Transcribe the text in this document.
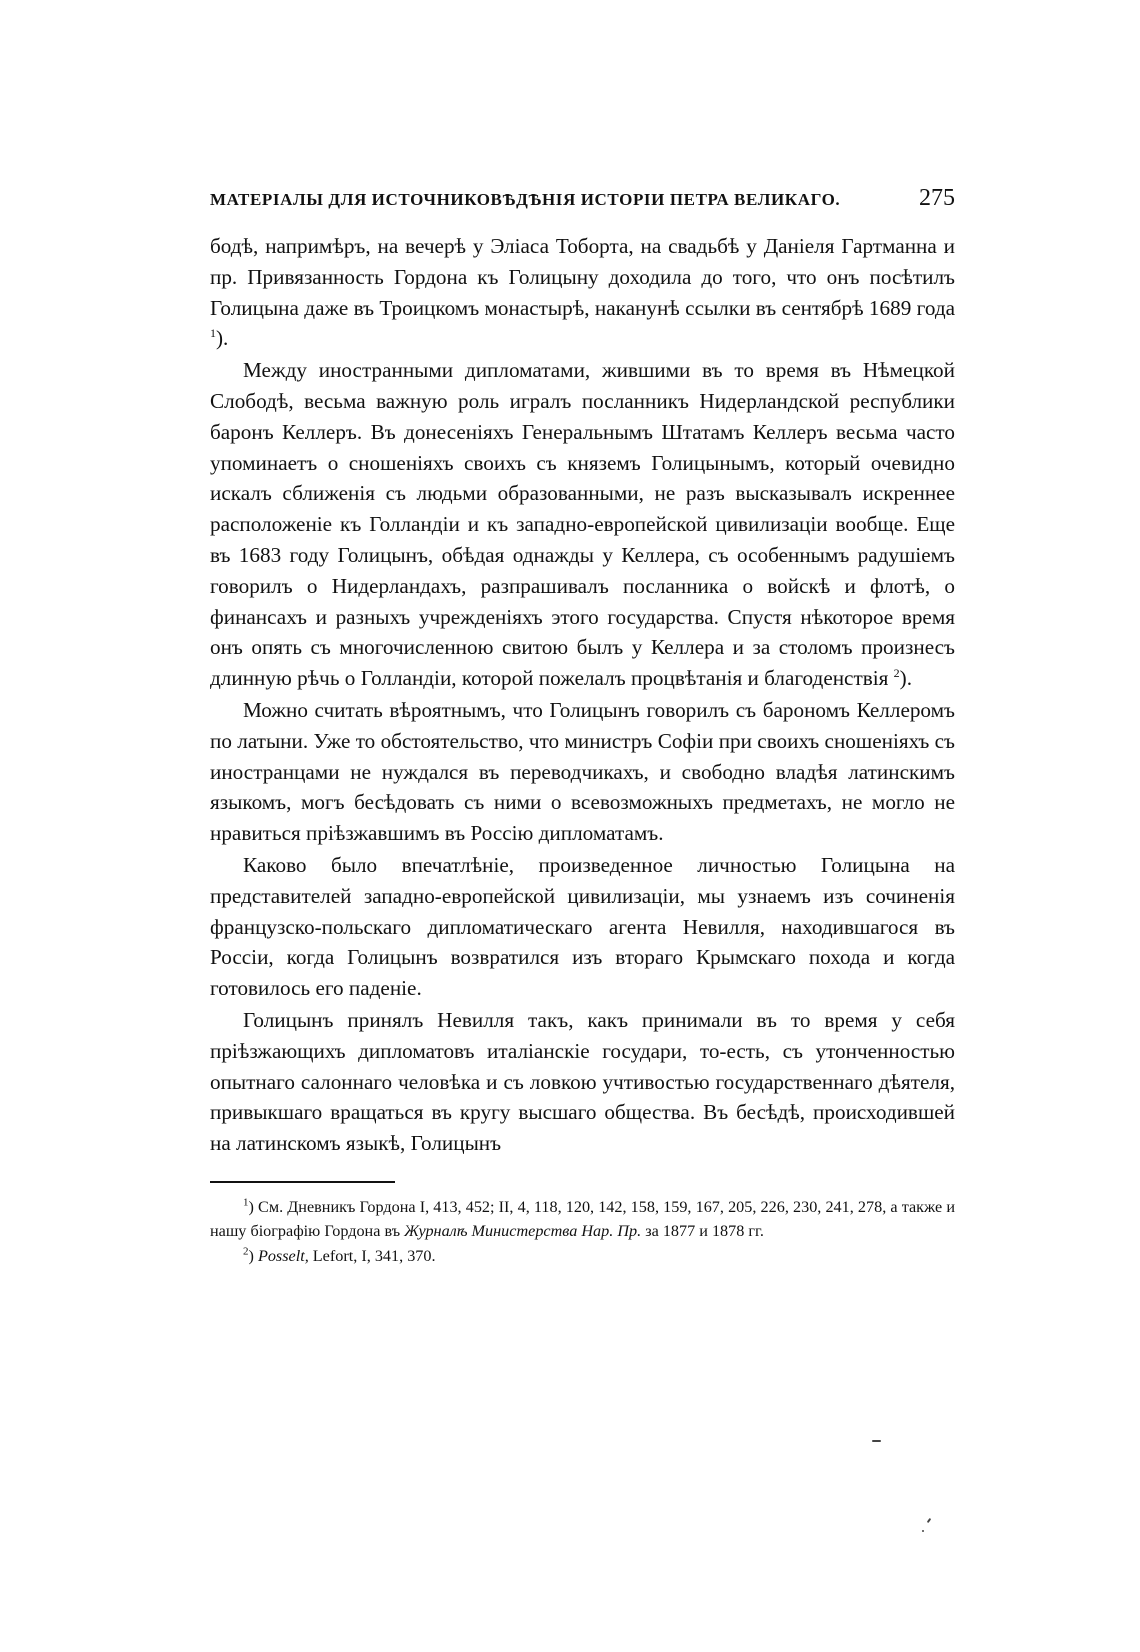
МАТЕРІАЛЫ ДЛЯ ИСТОЧНИКОВѢДѢНІЯ ИСТОРІИ ПЕТРА ВЕЛИКАГО.	275

бодѣ, напримѣръ, на вечерѣ у Эліаса Тоборта, на свадьбѣ у Даніеля Гартманна и пр. Привязанность Гордона къ Голицыну доходила до того, что онъ посѣтилъ Голицына даже въ Троицкомъ монастырѣ, наканунѣ ссылки въ сентябрѣ 1689 года $^1$).

Между иностранными дипломатами, жившими въ то время въ Нѣмецкой Слободѣ, весьма важную роль игралъ посланникъ Нидерландской республики баронъ Келлеръ. Въ донесеніяхъ Генеральнымъ Штатамъ Келлеръ весьма часто упоминаетъ о сношеніяхъ своихъ съ княземъ Голицынымъ, который очевидно искалъ сближенія съ людьми образованными, не разъ высказывалъ искреннее расположеніе къ Голландіи и къ западно-европейской цивилизаціи вообще. Еще въ 1683 году Голицынъ, обѣдая однажды у Келлера, съ особеннымъ радушіемъ говорилъ о Нидерландахъ, разпрашивалъ посланника о войскѣ и флотѣ, о финансахъ и разныхъ учрежденіяхъ этого государства. Спустя нѣкоторое время онъ опять съ многочисленною свитою былъ у Келлера и за столомъ произнесъ длинную рѣчь о Голландіи, которой пожелалъ процвѣтанія и благоденствія $^2$).

Можно считать вѣроятнымъ, что Голицынъ говорилъ съ барономъ Келлеромъ по латыни. Уже то обстоятельство, что министръ Софіи при своихъ сношеніяхъ съ иностранцами не нуждался въ переводчикахъ, и свободно владѣя латинскимъ языкомъ, могъ бесѣдовать съ ними о всевозможныхъ предметахъ, не могло не нравиться пріѣзжавшимъ въ Россію дипломатамъ.

Каково было впечатлѣніе, произведенное личностью Голицына на представителей западно-европейской цивилизаціи, мы узнаемъ изъ сочиненія французско-польскаго дипломатическаго агента Невилля, находившагося въ Россіи, когда Голицынъ возвратился изъ втораго Крымскаго похода и когда готовилось его паденіе.

Голицынъ принялъ Невилля такъ, какъ принимали въ то время у себя пріѣзжающихъ дипломатовъ италіанскіе государи, то-есть, съ утонченностью опытнаго салоннаго человѣка и съ ловкою учтивостью государственнаго дѣятеля, привыкшаго вращаться въ кругу высшаго общества. Въ бесѣдѣ, происходившей на латинскомъ языкѣ, Голицынъ

$^1$) См. Дневникъ Гордона I, 413, 452; II, 4, 118, 120, 142, 158, 159, 167, 205, 226, 230, 241, 278, а также и нашу біографію Гордона въ Журналѣ Министерства Нар. Пр. за 1877 и 1878 гг.

$^2$) Posselt, Lefort, I, 341, 370.
